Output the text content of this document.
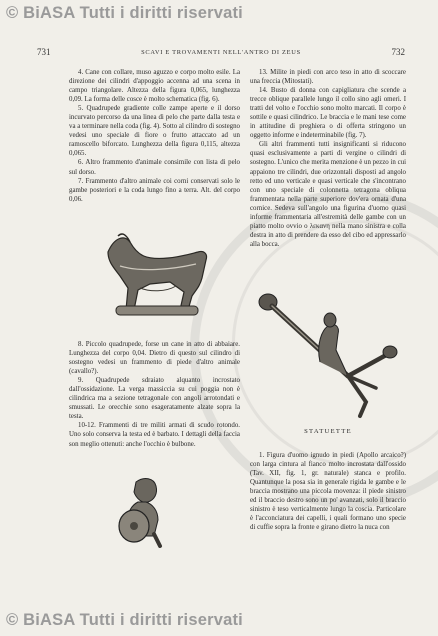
© BiASA Tutti i diritti riservati
731	SCAVI E TROVAMENTI NELL'ANTRO DI ZEUS	732

4. Cane con collare, muso aguzzo e corpo molto esile. La direzione dei cilindri d'appoggio accenna ad una scena in campo triangolare. Altezza della figura 0,065, lunghezza 0,09. La forma delle cosce è molto schematica (fig. 6).

5. Quadrupede gradiente colle zampe aperte e il dorso incurvato percorso da una linea di pelo che parte dalla testa e va a terminare nella coda (fig. 4). Sotto al cilindro di sostegno vedesi uno speciale di fiore o frutto attaccato ad un ramoscello biforcato. Lunghezza della figura 0,115, altezza 0,065.

6. Altro frammento d'animale consimile con lista di pelo sul dorso.

7. Frammento d'altro animale coi corni conservati solo le gambe posteriori e la coda lungo fino a terra. Alt. del corpo 0,06.

13. Milite in piedi con arco teso in atto di scoccare una freccia (Mitostati).

14. Busto di donna con capigliatura che scende a trecce oblique parallele lungo il collo sino agli omeri. I tratti del volto e l'occhio sono molto marcati. Il corpo è sottile e quasi cilindrico. Le braccia e le mani tese come in attitudine di preghiera o di offerta stringono un oggetto informe e indeterminabile (fig. 7).

Gli altri frammenti tutti insignificanti si riducono quasi esclusivamente a parti di vergine o cilindri di sostegno. L'unico che merita menzione è un pezzo in cui appaiono tre cilindri, due orizzontali disposti ad angolo retto ed uno verticale e quasi verticale che s'incontrano con uno speciale di colonnetta tetragona obliqua frammentata nella parte superiore dov'era ornata d'una cornice. Sedeva sull'angolo una figurina d'uomo quasi informe frammentaria all'estremità delle gambe con un piatto molto ovvio o λεκανη nella mano sinistra e colla destra in atto di prendere da esso del cibo ed appressarlo alla bocca.

8. Piccolo quadrupede, forse un cane in atto di abbaiare. Lunghezza del corpo 0,04. Dietro di questo sul cilindro di sostegno vedesi un frammento di piede d'altro animale (cavallo?).

9. Quadrupede sdraiato alquanto incrostato dall'ossidazione. La verga massiccia su cui poggia non è cilindrica ma a sezione tetragonale con angoli arrotondati e smussati. Le orecchie sono esageratamente alzate sopra la testa.

10-12. Frammenti di tre militi armati di scudo rotondo. Uno solo conserva la testa ed è barbato. I dettagli della faccia son meglio ottenuti: anche l'occhio è bulbone.

STATUETTE

1. Figura d'uomo ignudo in piedi (Apollo arcaico?) con larga cintura al fianco molto incrostata dall'ossido (Tav. XII, fig. 1, gr. naturale) stanca e profilo. Quantunque la posa sia in generale rigida le gambe e le braccia mostrano una piccola movenza: il piede sinistro ed il braccio destro sono un po' avanzati, solo il braccio sinistro è teso verticalmente lungo la coscia. Particolare è l'acconciatura dei capelli, i quali formano uno specie di cuffie sopra la fronte e girano dietro la nuca con

© BiASA Tutti i diritti riservati
